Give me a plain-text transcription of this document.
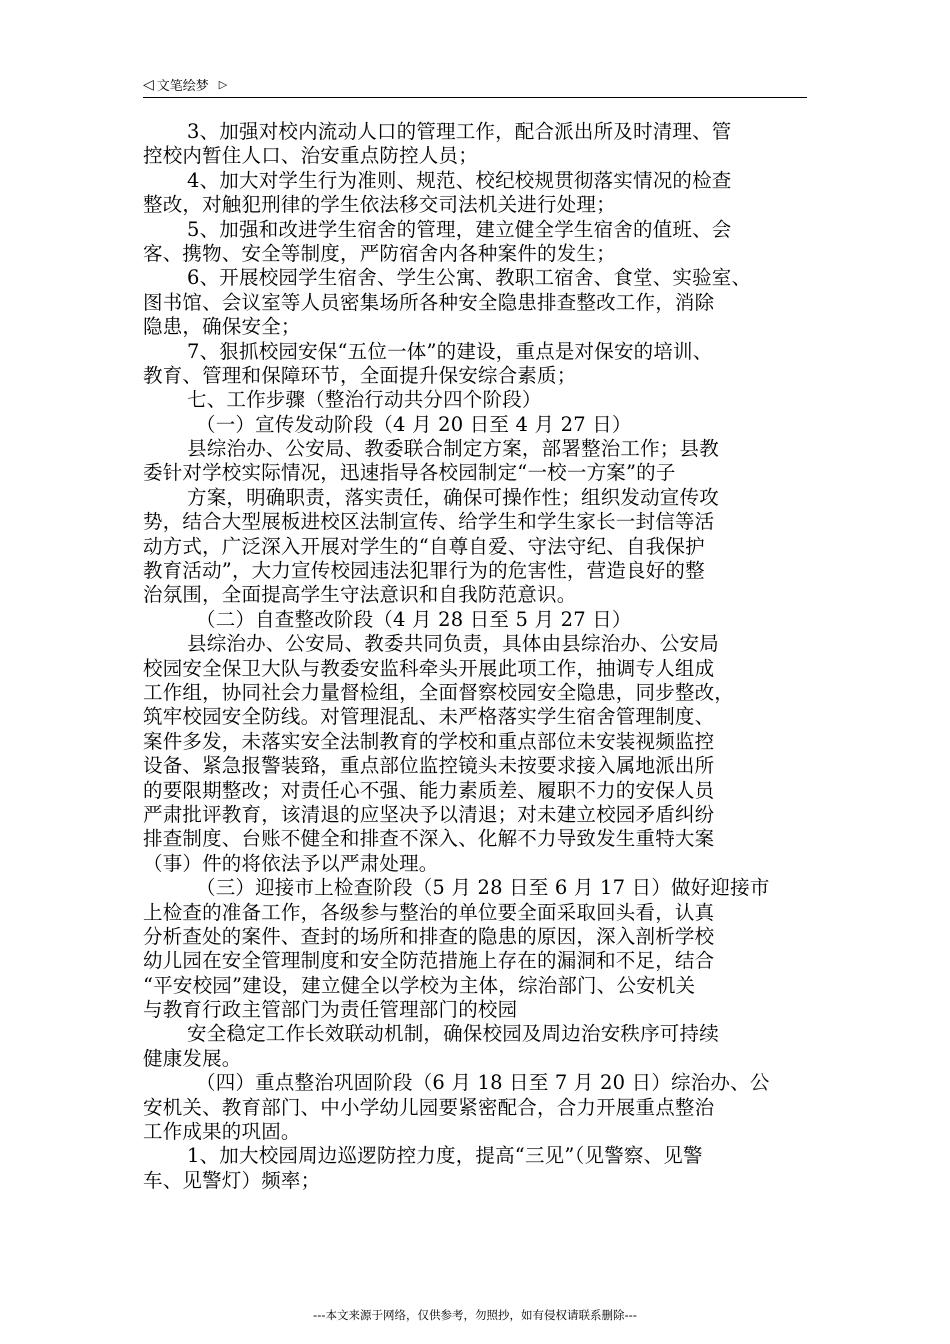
◁ 文笔绘梦 ▷
3、加强对校内流动人口的管理工作，配合派出所及时清理、管
控校内暂住人口、治安重点防控人员；
4、加大对学生行为准则、规范、校纪校规贯彻落实情况的检查
整改，对触犯刑律的学生依法移交司法机关进行处理；
5、加强和改进学生宿舍的管理，建立健全学生宿舍的值班、会
客、携物、安全等制度，严防宿舍内各种案件的发生；
6、开展校园学生宿舍、学生公寓、教职工宿舍、食堂、实验室、
图书馆、会议室等人员密集场所各种安全隐患排查整改工作，消除
隐患，确保安全；
7、狠抓校园安保“五位一体”的建设，重点是对保安的培训、
教育、管理和保障环节，全面提升保安综合素质；
七、工作步骤（整治行动共分四个阶段）
（一）宣传发动阶段（4 月 20 日至 4 月 27 日）
县综治办、公安局、教委联合制定方案，部署整治工作；县教
委针对学校实际情况，迅速指导各校园制定“一校一方案”的子
方案，明确职责，落实责任，确保可操作性；组织发动宣传攻
势，结合大型展板进校区法制宣传、给学生和学生家长一封信等活
动方式，广泛深入开展对学生的“自尊自爱、守法守纪、自我保护
教育活动”，大力宣传校园违法犯罪行为的危害性，营造良好的整
治氛围，全面提高学生守法意识和自我防范意识。
（二）自查整改阶段（4 月 28 日至 5 月 27 日）
县综治办、公安局、教委共同负责，具体由县综治办、公安局
校园安全保卫大队与教委安监科牵头开展此项工作，抽调专人组成
工作组，协同社会力量督检组，全面督察校园安全隐患，同步整改，
筑牢校园安全防线。对管理混乱、未严格落实学生宿舍管理制度、
案件多发，未落实安全法制教育的学校和重点部位未安装视频监控
设备、紧急报警装臵，重点部位监控镜头未按要求接入属地派出所
的要限期整改；对责任心不强、能力素质差、履职不力的安保人员
严肃批评教育，该清退的应坚决予以清退；对未建立校园矛盾纠纷
排查制度、台账不健全和排查不深入、化解不力导致发生重特大案
（事）件的将依法予以严肃处理。
（三）迎接市上检查阶段（5 月 28 日至 6 月 17 日）做好迎接市
上检查的准备工作，各级参与整治的单位要全面采取回头看，认真
分析查处的案件、查封的场所和排查的隐患的原因，深入剖析学校
幼儿园在安全管理制度和安全防范措施上存在的漏洞和不足，结合
“平安校园”建设，建立健全以学校为主体，综治部门、公安机关
与教育行政主管部门为责任管理部门的校园
安全稳定工作长效联动机制，确保校园及周边治安秩序可持续
健康发展。
（四）重点整治巩固阶段（6 月 18 日至 7 月 20 日）综治办、公
安机关、教育部门、中小学幼儿园要紧密配合，合力开展重点整治
工作成果的巩固。
1、加大校园周边巡逻防控力度，提高“三见”（见警察、见警
车、见警灯）频率；
---本文来源于网络，仅供参考，勿照抄，如有侵权请联系删除---
